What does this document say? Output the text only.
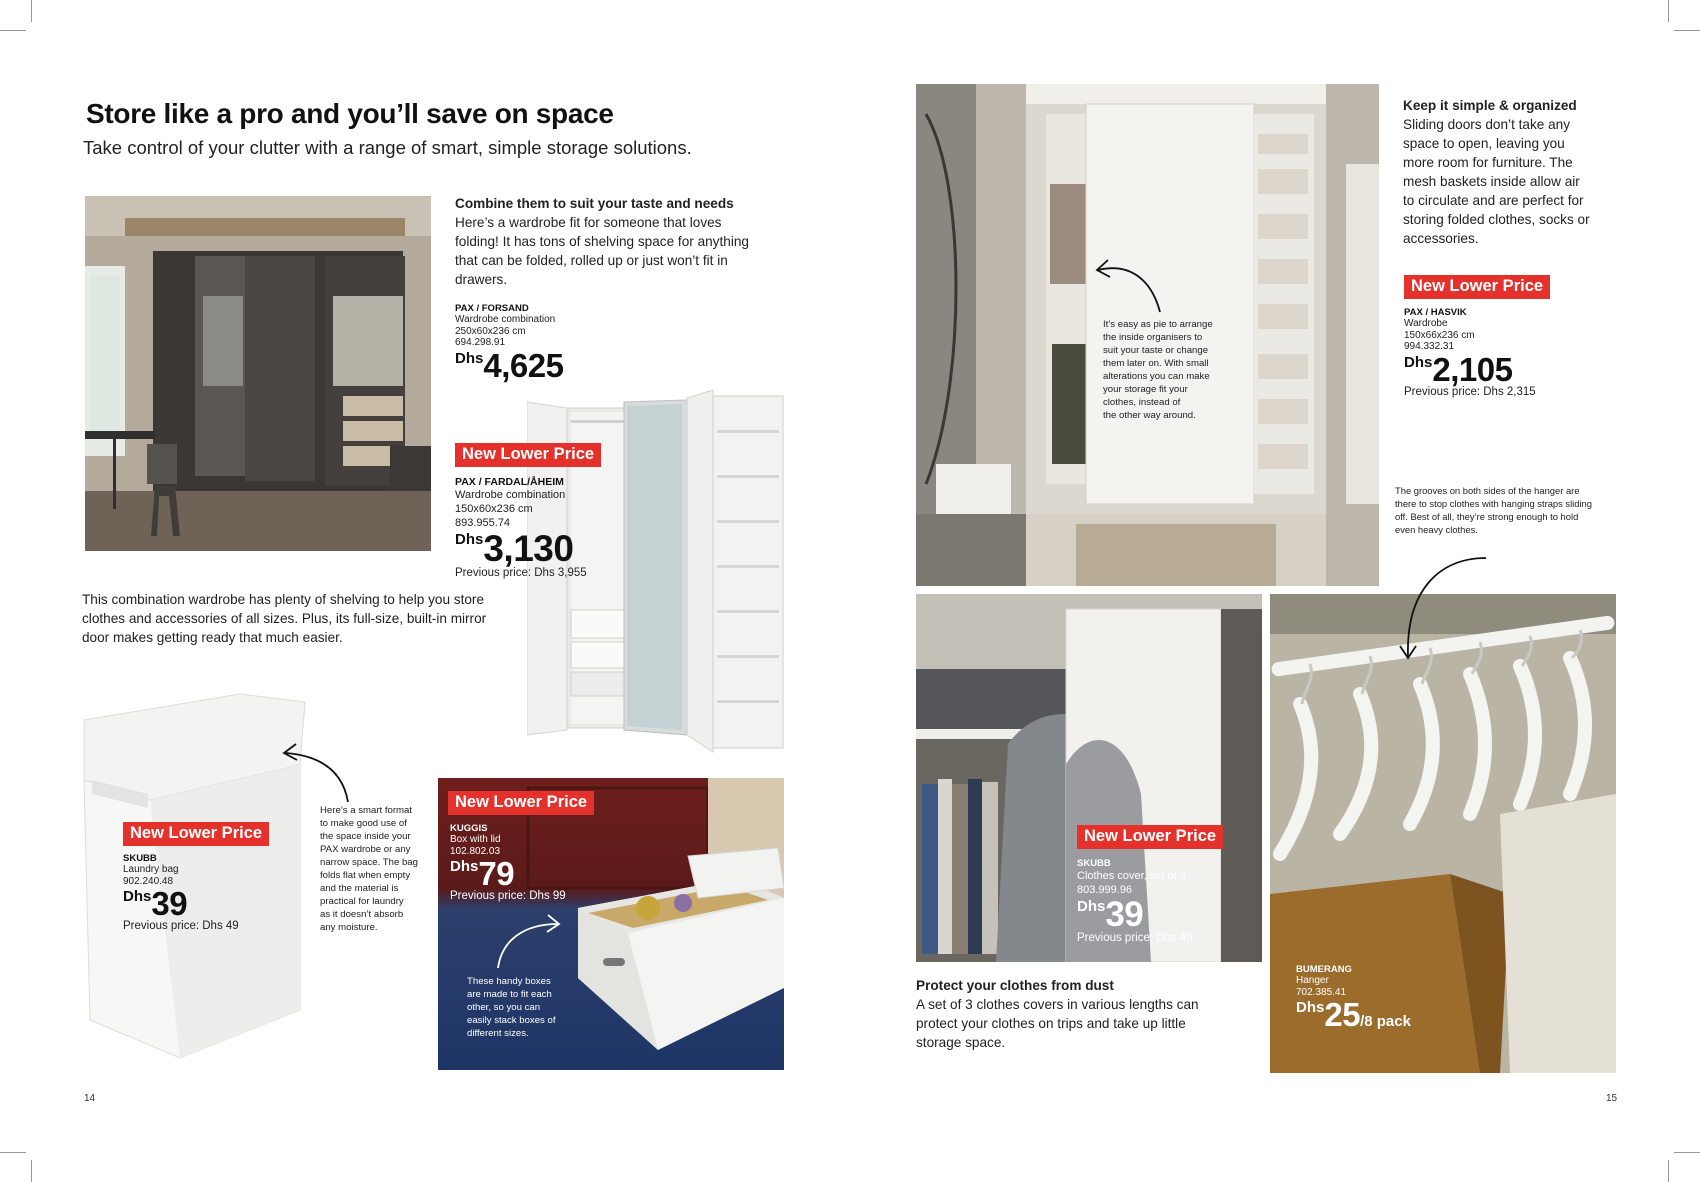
Store like a pro and you’ll save on space
Take control of your clutter with a range of smart, simple storage solutions.
Combine them to suit your taste and needs
Here’s a wardrobe fit for someone that loves
folding! It has tons of shelving space for anything
that can be folded, rolled up or just won’t fit in
drawers.
PAX / FORSAND
Wardrobe combination
250x60x236 cm
694.298.91
Dhs4,625
New Lower Price
PAX / FARDAL/ÅHEIM
Wardrobe combination
150x60x236 cm
893.955.74
Dhs3,130
Previous price: Dhs 3,955
This combination wardrobe has plenty of shelving to help you store
clothes and accessories of all sizes. Plus, its full-size, built-in mirror
door makes getting ready that much easier.
New Lower Price
SKUBB
Laundry bag
902.240.48
Dhs39
Previous price: Dhs 49
Here’s a smart format
to make good use of
the space inside your
PAX wardrobe or any
narrow space. The bag
folds flat when empty
and the material is
practical for laundry
as it doesn’t absorb
any moisture.
New Lower Price
KUGGIS
Box with lid
102.802.03
Dhs79
Previous price: Dhs 99
These handy boxes
are made to fit each
other, so you can
easily stack boxes of
different sizes.
14
It’s easy as pie to arrange
the inside organisers to
suit your taste or change
them later on. With small
alterations you can make
your storage fit your
clothes, instead of
the other way around.
Keep it simple & organized
Sliding doors don’t take any
space to open, leaving you
more room for furniture. The
mesh baskets inside allow air
to circulate and are perfect for
storing folded clothes, socks or
accessories.
New Lower Price
PAX / HASVIK
Wardrobe
150x66x236 cm
994.332.31
Dhs2,105
Previous price: Dhs 2,315
The grooves on both sides of the hanger are
there to stop clothes with hanging straps sliding
off. Best of all, they’re strong enough to hold
even heavy clothes.
New Lower Price
SKUBB
Clothes cover, set of 3
803.999.96
Dhs39
Previous price: Dhs 49
Protect your clothes from dust
A set of 3 clothes covers in various lengths can
protect your clothes on trips and take up little
storage space.
BUMERANG
Hanger
702.385.41
Dhs25/8 pack
15
